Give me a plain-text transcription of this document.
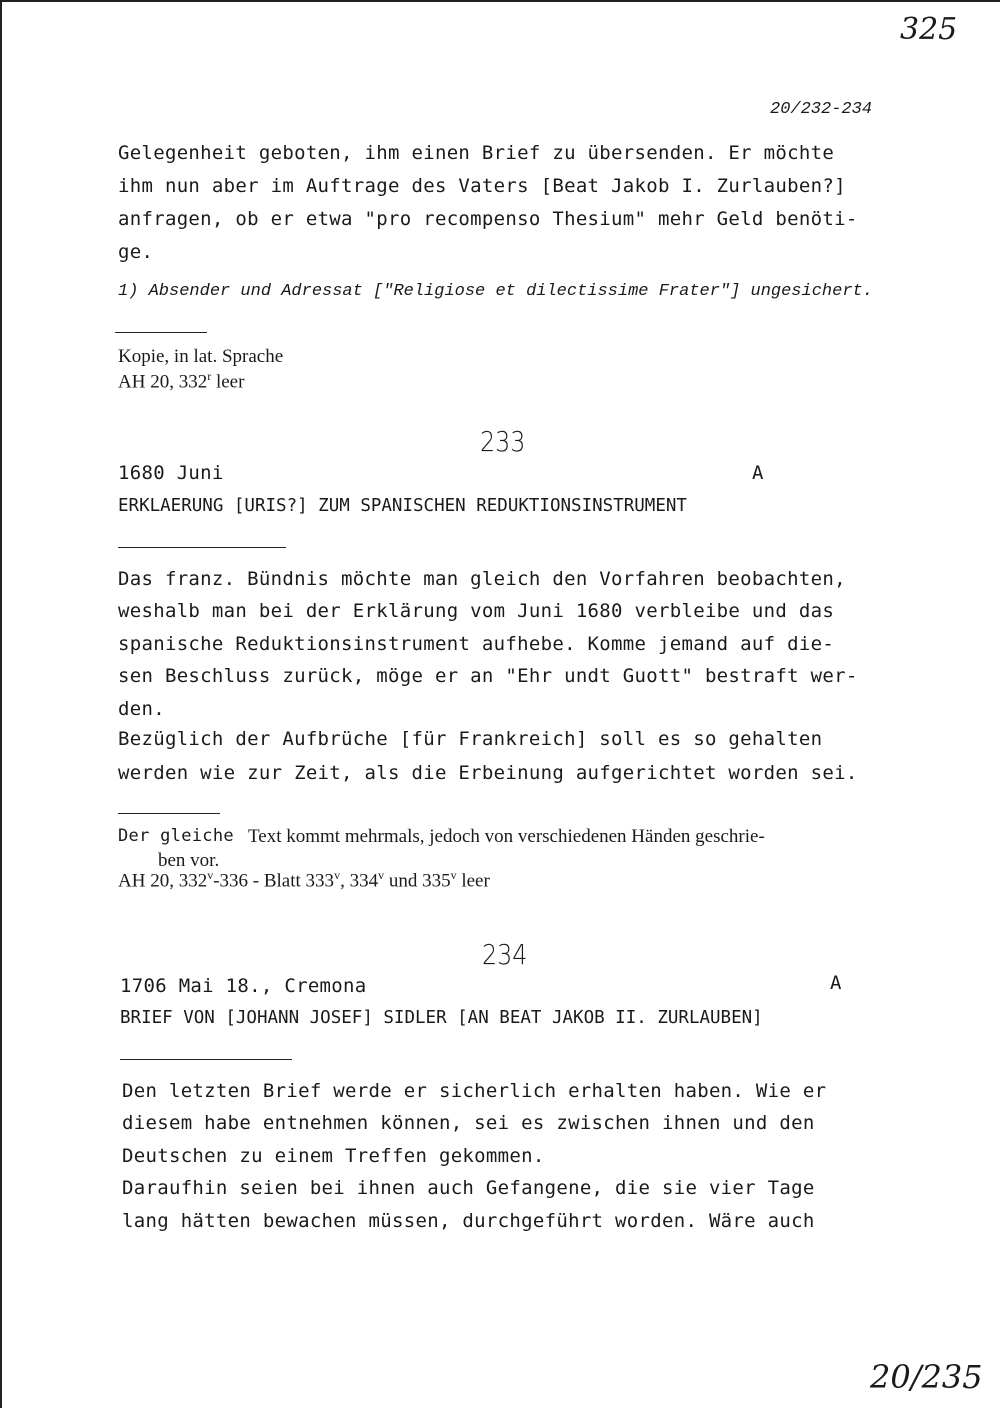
325
20/235
20/232-234
Gelegenheit geboten, ihm einen Brief zu übersenden. Er möchte
ihm nun aber im Auftrage des Vaters [Beat Jakob I. Zurlauben?]
anfragen, ob er etwa "pro recompenso Thesium" mehr Geld benöti-
ge.
1) Absender und Adressat ["Religiose et dilectissime Frater"] ungesichert.
Kopie, in lat. Sprache
AH 20, 332$^r$ leer
233
1680 Juni	A
ERKLAERUNG [URIS?] ZUM SPANISCHEN REDUKTIONSINSTRUMENT
Das franz. Bündnis möchte man gleich den Vorfahren beobachten,
weshalb man bei der Erklärung vom Juni 1680 verbleibe und das
spanische Reduktionsinstrument aufhebe. Komme jemand auf die-
sen Beschluss zurück, möge er an "Ehr undt Guott" bestraft wer-
den.
Bezüglich der Aufbrüche [für Frankreich] soll es so gehalten
werden wie zur Zeit, als die Erbeinung aufgerichtet worden sei.
Der gleiche Text kommt mehrmals, jedoch von verschiedenen Händen geschrie-
ben vor.
AH 20, 332$^v$-336 - Blatt 333$^v$, 334$^v$ und 335$^v$ leer
234
1706 Mai 18., Cremona	A
BRIEF VON [JOHANN JOSEF] SIDLER [AN BEAT JAKOB II. ZURLAUBEN]
Den letzten Brief werde er sicherlich erhalten haben. Wie er
diesem habe entnehmen können, sei es zwischen ihnen und den
Deutschen zu einem Treffen gekommen.
Daraufhin seien bei ihnen auch Gefangene, die sie vier Tage
lang hätten bewachen müssen, durchgeführt worden. Wäre auch
